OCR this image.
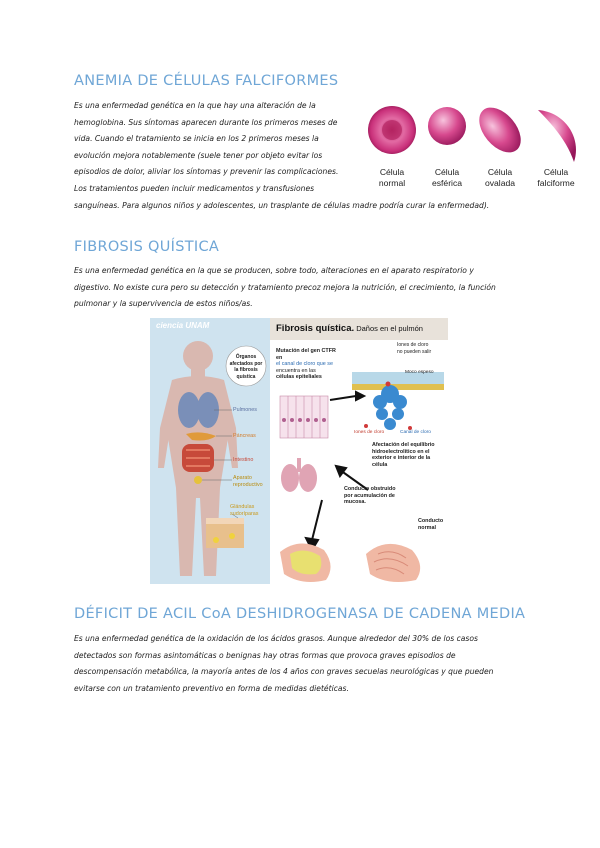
ANEMIA DE CÉLULAS FALCIFORMES
Es una enfermedad genética en la que hay una alteración de la
hemoglobina. Sus síntomas aparecen durante los primeros meses de
vida. Cuando el tratamiento se inicia en los 2 primeros meses la
evolución mejora notablemente (suele tener por objeto evitar los
episodios de dolor, aliviar los síntomas y prevenir las complicaciones.
Los tratamientos pueden incluir medicamentos y transfusiones
sanguíneas. Para algunos niños y adolescentes, un trasplante de células madre podría curar la enfermedad).
Célula
normal
Célula
esférica
Célula
ovalada
Célula
falciforme
FIBROSIS QUÍSTICA
Es una enfermedad genética en la que se producen, sobre todo, alteraciones en el aparato respiratorio y
digestivo. No existe cura pero su detección y tratamiento precoz mejora la nutrición, el crecimiento, la función
pulmonar y la supervivencia de estos niños/as.
ciencia UNAM
Órganos
afectados por
la fibrosis
quística
Pulmones
Páncreas
Intestino
Aparato
reproductivo
Glándulas
sudoríparas
Fibrosis quística. Daños en el pulmón
Mutación del gen CTFR en
el canal de cloro que se
encuentra en las
células epiteliales
Iones de cloro
no pueden salir
Moco espeso
Iones de cloro	Canal de cloro
Afectación del equilibrio
hidroelectrolítico en el
exterior e interior de la
célula
Conducto obstruido
por acumulación de
mucosa.
Conducto
normal
DÉFICIT DE ACIL CoA DESHIDROGENASA DE CADENA MEDIA
Es una enfermedad genética de la oxidación de los ácidos grasos. Aunque alrededor del 30% de los casos
detectados son formas asintomáticas o benignas hay otras formas que provoca graves episodios de
descompensación metabólica, la mayoría antes de los 4 años con graves secuelas neurológicas y que pueden
evitarse con un tratamiento preventivo en forma de medidas dietéticas.
